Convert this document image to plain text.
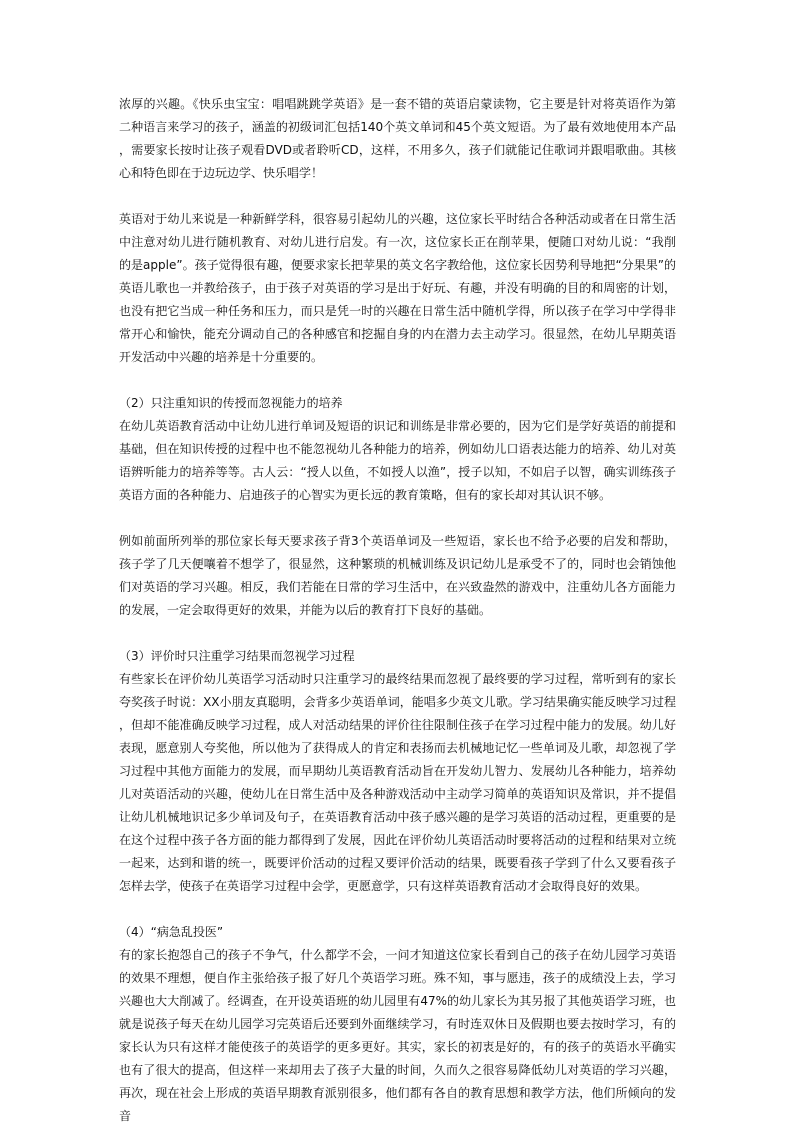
浓厚的兴趣。《快乐虫宝宝：唱唱跳跳学英语》是一套不错的英语启蒙读物，它主要是针对将英语作为第二种语言来学习的孩子，涵盖的初级词汇包括140个英文单词和45个英文短语。为了最有效地使用本产品，需要家长按时让孩子观看DVD或者聆听CD，这样，不用多久，孩子们就能记住歌词并跟唱歌曲。其核心和特色即在于边玩边学、快乐唱学！

英语对于幼儿来说是一种新鲜学科，很容易引起幼儿的兴趣，这位家长平时结合各种活动或者在日常生活中注意对幼儿进行随机教育、对幼儿进行启发。有一次，这位家长正在削苹果，便随口对幼儿说：“我削的是apple”。孩子觉得很有趣，便要求家长把苹果的英文名字教给他，这位家长因势利导地把“分果果”的英语儿歌也一并教给孩子，由于孩子对英语的学习是出于好玩、有趣，并没有明确的目的和周密的计划，也没有把它当成一种任务和压力，而只是凭一时的兴趣在日常生活中随机学得，所以孩子在学习中学得非常开心和愉快，能充分调动自己的各种感官和挖掘自身的内在潜力去主动学习。很显然，在幼儿早期英语开发活动中兴趣的培养是十分重要的。

（2）只注重知识的传授而忽视能力的培养

在幼儿英语教育活动中让幼儿进行单词及短语的识记和训练是非常必要的，因为它们是学好英语的前提和基础，但在知识传授的过程中也不能忽视幼儿各种能力的培养，例如幼儿口语表达能力的培养、幼儿对英语辨听能力的培养等等。古人云：“授人以鱼，不如授人以渔”，授子以知，不如启子以智，确实训练孩子英语方面的各种能力、启迪孩子的心智实为更长远的教育策略，但有的家长却对其认识不够。

例如前面所列举的那位家长每天要求孩子背3个英语单词及一些短语，家长也不给予必要的启发和帮助，孩子学了几天便嚷着不想学了，很显然，这种繁琐的机械训练及识记幼儿是承受不了的，同时也会销蚀他们对英语的学习兴趣。相反，我们若能在日常的学习生活中，在兴致盎然的游戏中，注重幼儿各方面能力的发展，一定会取得更好的效果，并能为以后的教育打下良好的基础。

（3）评价时只注重学习结果而忽视学习过程

有些家长在评价幼儿英语学习活动时只注重学习的最终结果而忽视了最终要的学习过程，常听到有的家长夸奖孩子时说：XX小朋友真聪明，会背多少英语单词，能唱多少英文儿歌。学习结果确实能反映学习过程，但却不能准确反映学习过程，成人对活动结果的评价往往限制住孩子在学习过程中能力的发展。幼儿好表现，愿意别人夸奖他，所以他为了获得成人的肯定和表扬而去机械地记忆一些单词及儿歌，却忽视了学习过程中其他方面能力的发展，而早期幼儿英语教育活动旨在开发幼儿智力、发展幼儿各种能力，培养幼儿对英语活动的兴趣，使幼儿在日常生活中及各种游戏活动中主动学习简单的英语知识及常识，并不提倡让幼儿机械地识记多少单词及句子，在英语教育活动中孩子感兴趣的是学习英语的活动过程，更重要的是在这个过程中孩子各方面的能力都得到了发展，因此在评价幼儿英语活动时要将活动的过程和结果对立统一起来，达到和谐的统一，既要评价活动的过程又要评价活动的结果，既要看孩子学到了什么又要看孩子怎样去学，使孩子在英语学习过程中会学，更愿意学，只有这样英语教育活动才会取得良好的效果。

（4）“病急乱投医”

有的家长抱怨自己的孩子不争气，什么都学不会，一问才知道这位家长看到自己的孩子在幼儿园学习英语的效果不理想，便自作主张给孩子报了好几个英语学习班。殊不知，事与愿违，孩子的成绩没上去，学习兴趣也大大削减了。经调查，在开设英语班的幼儿园里有47%的幼儿家长为其另报了其他英语学习班，也就是说孩子每天在幼儿园学习完英语后还要到外面继续学习，有时连双休日及假期也要去按时学习，有的家长认为只有这样才能使孩子的英语学的更多更好。其实，家长的初衷是好的，有的孩子的英语水平确实也有了很大的提高，但这样一来却用去了孩子大量的时间，久而久之很容易降低幼儿对英语的学习兴趣，再次，现在社会上形成的英语早期教育派别很多，他们都有各自的教育思想和教学方法，他们所倾向的发音
